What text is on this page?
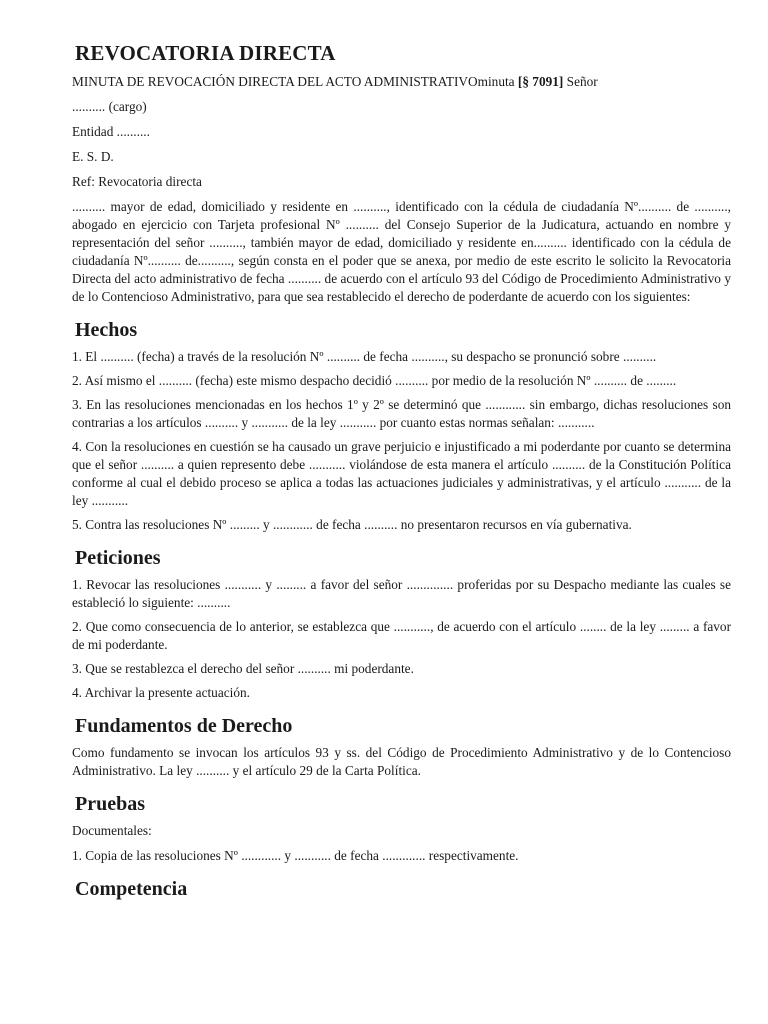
REVOCATORIA DIRECTA

MINUTA DE REVOCACIÓN DIRECTA DEL ACTO ADMINISTRATIVOminuta [§ 7091] Señor

.......... (cargo)

Entidad ..........

E. S. D.

Ref: Revocatoria directa

.......... mayor de edad, domiciliado y residente en .........., identificado con la cédula de ciudadanía Nº.......... de .........., abogado en ejercicio con Tarjeta profesional Nº .......... del Consejo Superior de la Judicatura, actuando en nombre y representación del señor .........., también mayor de edad, domiciliado y residente en.......... identificado con la cédula de ciudadanía Nº.......... de.........., según consta en el poder que se anexa, por medio de este escrito le solicito la Revocatoria Directa del acto administrativo de fecha .......... de acuerdo con el artículo 93 del Código de Procedimiento Administrativo y de lo Contencioso Administrativo, para que sea restablecido el derecho de poderdante de acuerdo con los siguientes:

Hechos

1. El .......... (fecha) a través de la resolución Nº .......... de fecha .........., su despacho se pronunció sobre ..........

2. Así mismo el .......... (fecha) este mismo despacho decidió .......... por medio de la resolución Nº .......... de .........

3. En las resoluciones mencionadas en los hechos 1º y 2º se determinó que ............ sin embargo, dichas resoluciones son contrarias a los artículos .......... y ........... de la ley ........... por cuanto estas normas señalan: ...........

4. Con la resoluciones en cuestión se ha causado un grave perjuicio e injustificado a mi poderdante por cuanto se determina que el señor .......... a quien represento debe ........... violándose de esta manera el artículo .......... de la Constitución Política conforme al cual el debido proceso se aplica a todas las actuaciones judiciales y administrativas, y el artículo ........... de la ley ...........

5. Contra las resoluciones Nº ......... y ............ de fecha .......... no presentaron recursos en vía gubernativa.

Peticiones

1. Revocar las resoluciones ........... y ......... a favor del señor .............. proferidas por su Despacho mediante las cuales se estableció lo siguiente: ..........

2. Que como consecuencia de lo anterior, se establezca que ..........., de acuerdo con el artículo ........ de la ley ......... a favor de mi poderdante.

3. Que se restablezca el derecho del señor .......... mi poderdante.

4. Archivar la presente actuación.

Fundamentos de Derecho

Como fundamento se invocan los artículos 93 y ss. del Código de Procedimiento Administrativo y de lo Contencioso Administrativo. La ley .......... y el artículo 29 de la Carta Política.

Pruebas

Documentales:

1. Copia de las resoluciones Nº ............ y ........... de fecha ............. respectivamente.

Competencia
